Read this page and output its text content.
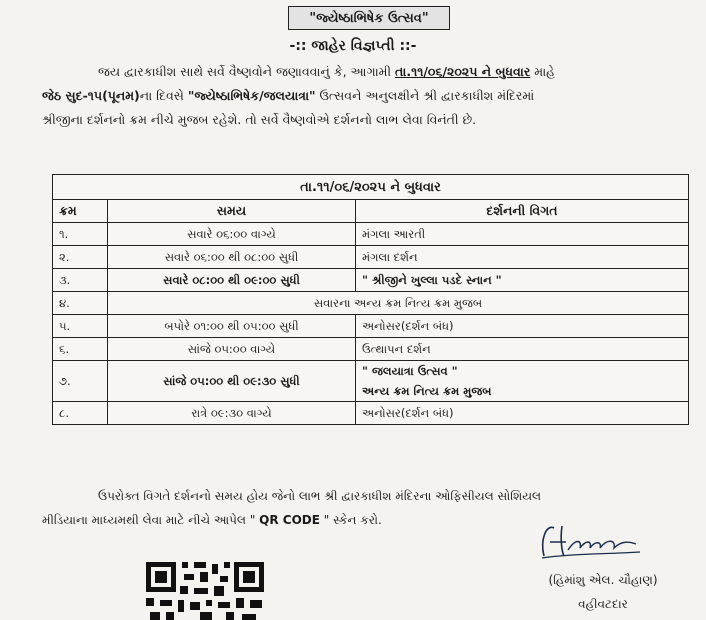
"જ્યેષ્ઠાભિષેક ઉત્સવ"
-:: જાહેર વિજ્ઞપ્તી ::-

જય દ્વારકાધીશ સાથે સર્વે વૈષ્ણવોને જણાવવાનું કે, આગામી તા.૧૧/૦૬/૨૦૨૫ ને બુધવાર માહે

જેઠ સુદ-૧૫(પૂનમ)ના દિવસે "જ્યેષ્ઠાભિષેક/જલયાત્રા" ઉત્સવને અનુલક્ષીને શ્રી દ્વારકાધીશ મંદિરમાં

શ્રીજીના દર્શનનો ક્રમ નીચે મુજબ રહેશે. તો સર્વે વૈષ્ણવોએ દર્શનનો લાભ લેવા વિનંતી છે.

તા.૧૧/૦૬/૨૦૨૫ ને બુધવાર		
ક્રમ	સમય	દર્શનની વિગત
૧.	સવારે ૦૬:૦૦ વાગ્યે	મંગલા આરતી
૨.	સવારે ૦૬:૦૦ થી ૦૮:૦૦ સુધી	મંગલા દર્શન
૩.	સવારે ૦૮:૦૦ થી ૦૯:૦૦ સુધી	" શ્રીજીને ખુલ્લા પડદે સ્નાન "
૪.	સવારના અન્ય ક્રમ નિત્ય ક્રમ મુજબ	
૫.	બપોરે ૦૧:૦૦ થી ૦૫:૦૦ સુધી	અનોસર(દર્શન બંધ)
૬.	સાંજે ૦૫:૦૦ વાગ્યે	ઉત્થાપન દર્શન
૭.	સાંજે ૦૫:૦૦ થી ૦૯:૩૦ સુધી	" જલયાત્રા ઉત્સવ "
અન્ય ક્રમ નિત્ય ક્રમ મુજબ

૮.	રાત્રે ૦૯:૩૦ વાગ્યે	અનોસર(દર્શન બંધ)

ઉપરોક્ત વિગતે દર્શનનો સમય હોય જેનો લાભ શ્રી દ્વારકાધીશ મંદિરના ઓફિસીયલ સોશિયલ

મીડિયાના માધ્યમથી લેવા માટે નીચે આપેલ " QR CODE " સ્કેન કરો.

(હિમાંશુ એલ. ચૌહાણ)

વહીવટદાર
